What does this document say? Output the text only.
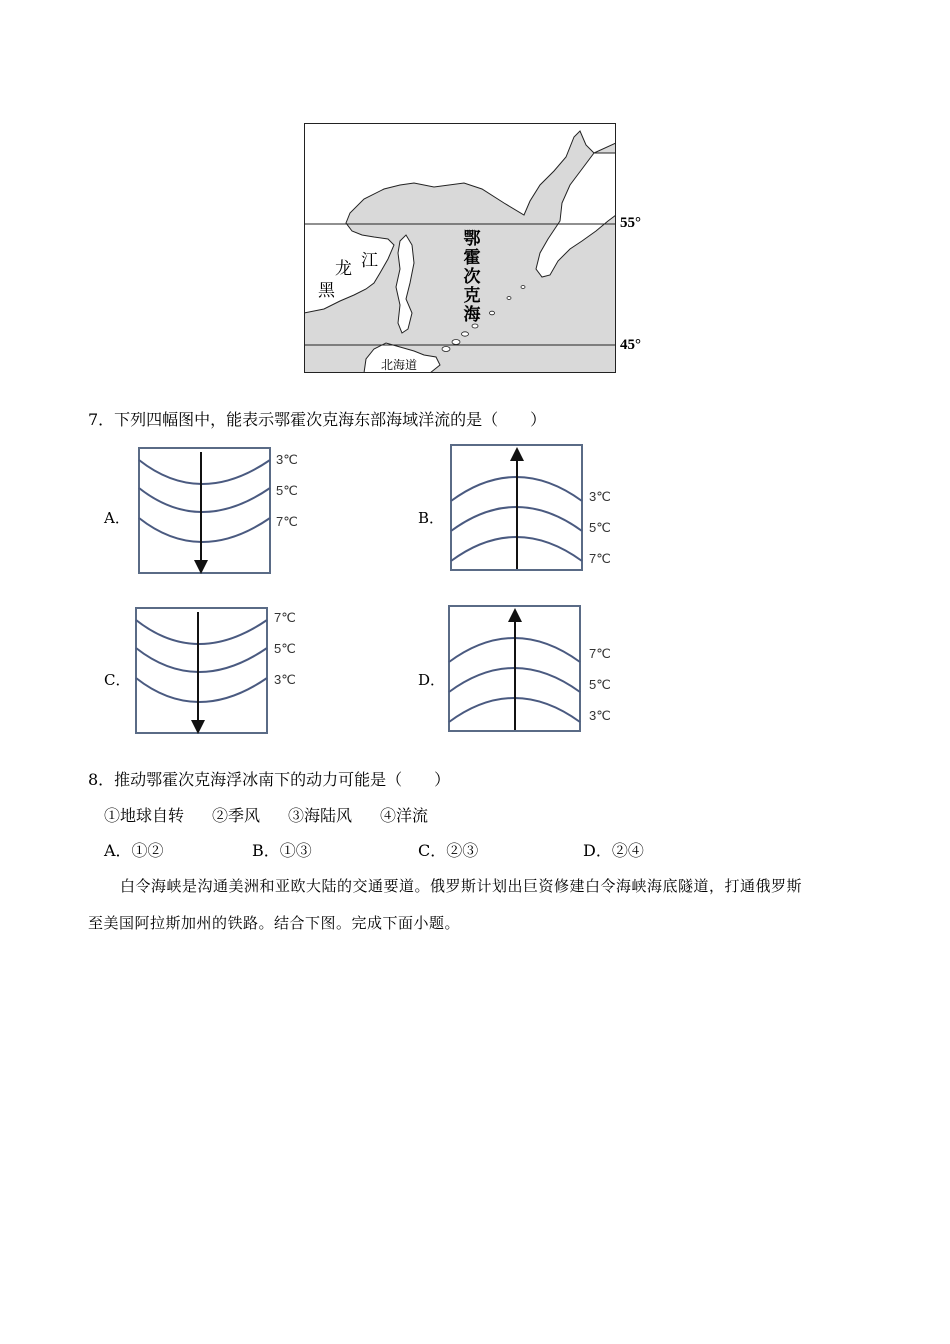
鄂霍次克海
龙 江
黑
北海道
55°
45°
7．下列四幅图中，能表示鄂霍次克海东部海域洋流的是（　　）
A．
3℃
5℃
7℃	B．
3℃
5℃
7℃
C．
7℃
5℃
3℃	D．
7℃
5℃
3℃
8．推动鄂霍次克海浮冰南下的动力可能是（　　）
①地球自转 ②季风 ③海陆风 ④洋流
A．①②	B．①③	C．②③	D．②④
白令海峡是沟通美洲和亚欧大陆的交通要道。俄罗斯计划出巨资修建白令海峡海底隧道，打通俄罗斯
至美国阿拉斯加州的铁路。结合下图。完成下面小题。
